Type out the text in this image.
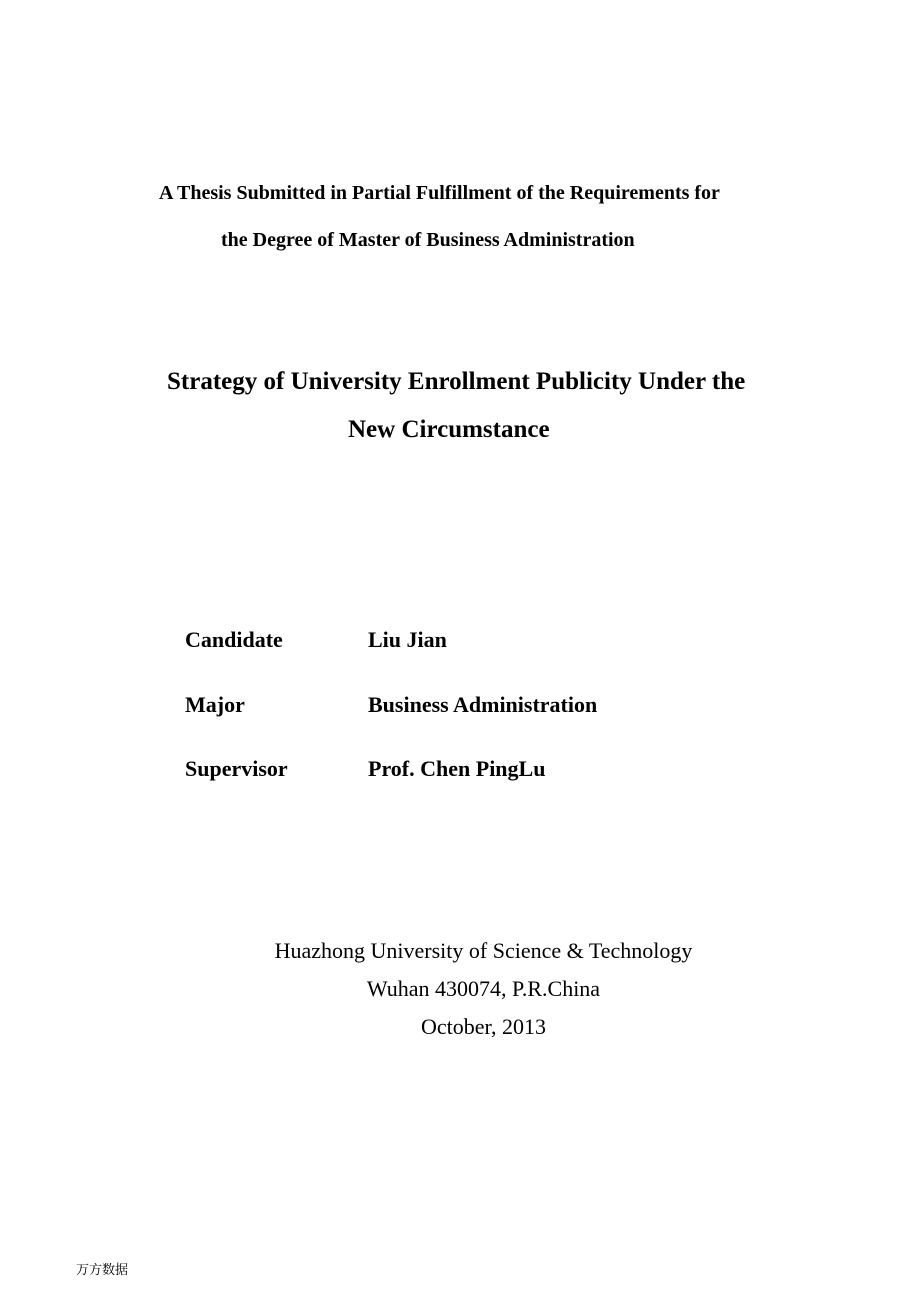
A Thesis Submitted in Partial Fulfillment of the Requirements for
the Degree of Master of Business Administration
Strategy of University Enrollment Publicity Under the
New Circumstance
Candidate	Liu Jian
Major	Business Administration
Supervisor	Prof. Chen PingLu
Huazhong University of Science & Technology
Wuhan 430074, P.R.China
October, 2013
万方数据
